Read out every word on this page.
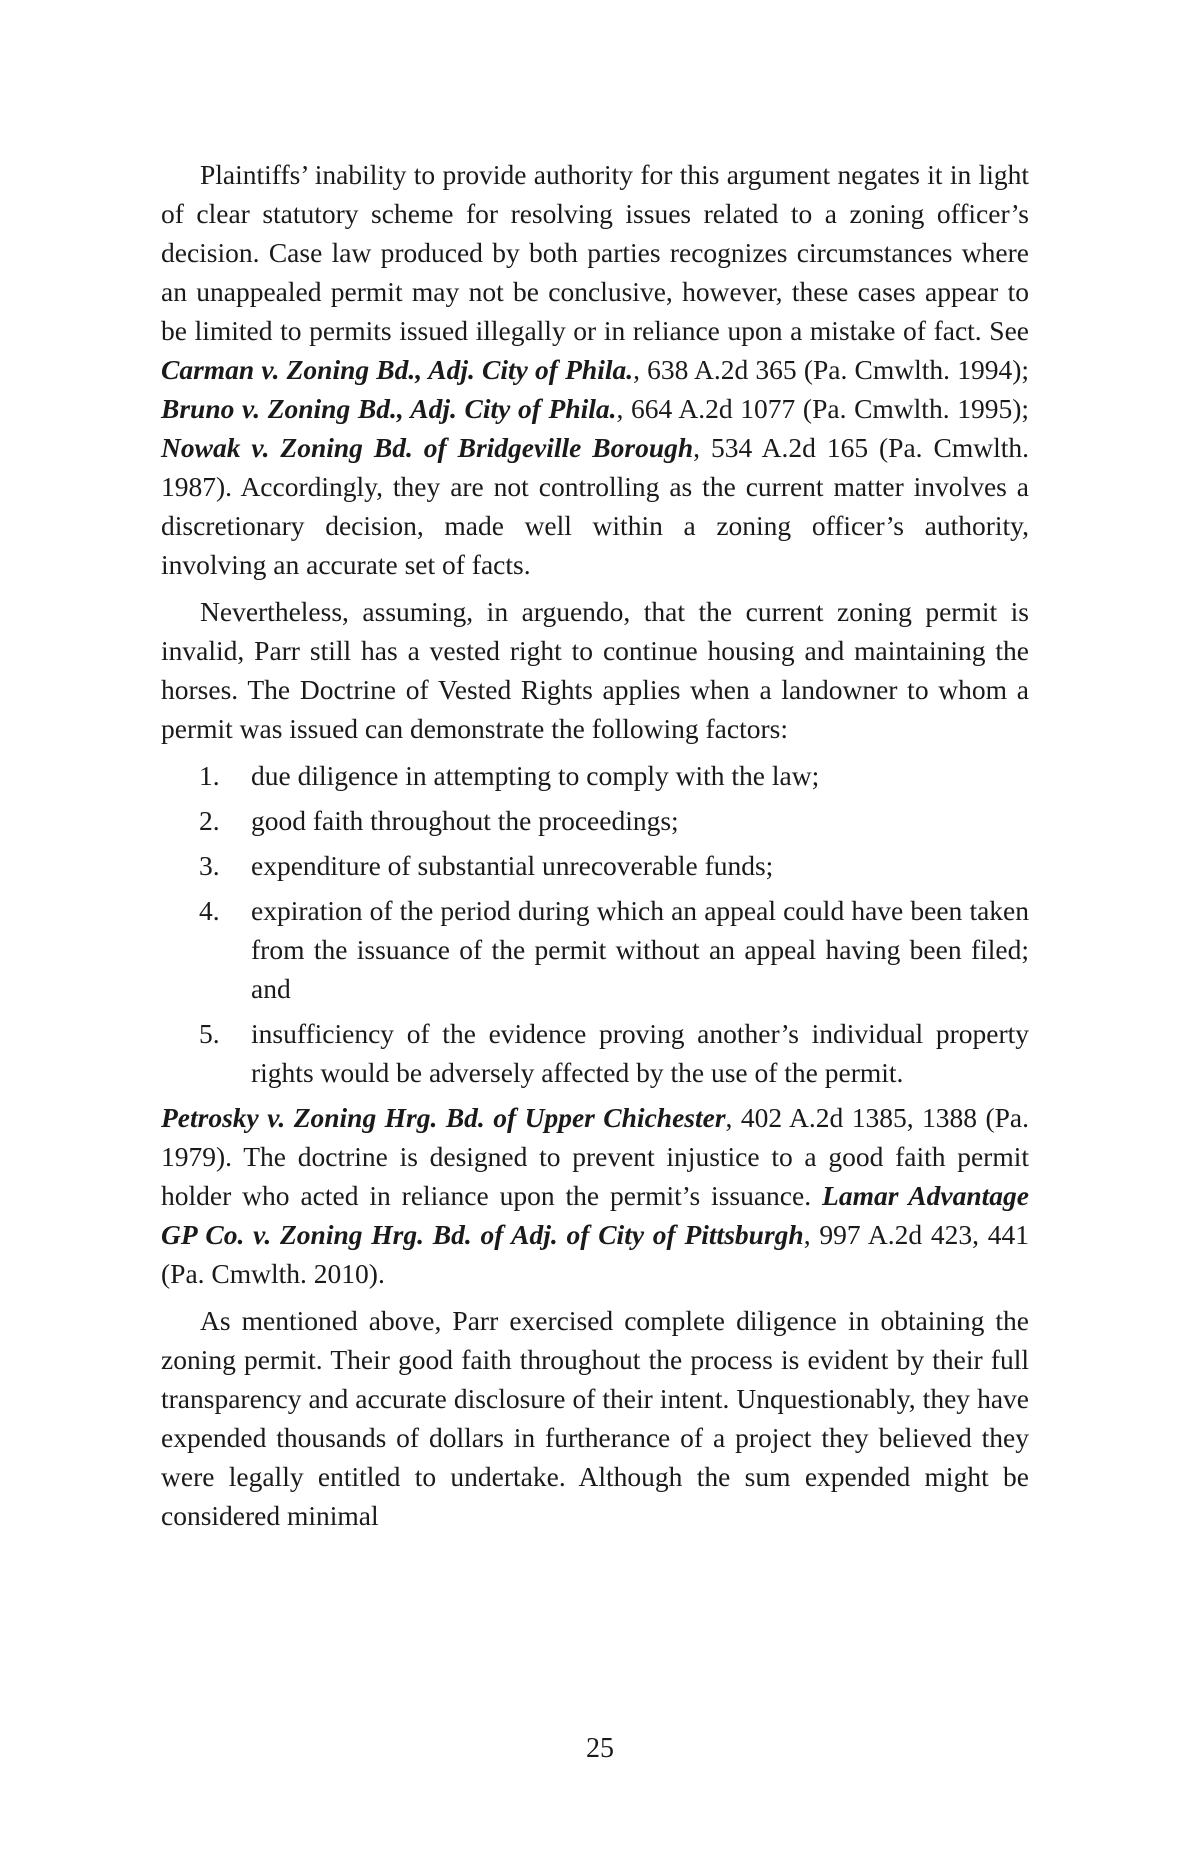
Plaintiffs’ inability to provide authority for this argument negates it in light of clear statutory scheme for resolving issues related to a zoning officer’s decision. Case law produced by both parties recognizes circumstances where an unappealed permit may not be conclusive, however, these cases appear to be limited to permits issued illegally or in reliance upon a mistake of fact. See Carman v. Zoning Bd., Adj. City of Phila., 638 A.2d 365 (Pa. Cmwlth. 1994); Bruno v. Zoning Bd., Adj. City of Phila., 664 A.2d 1077 (Pa. Cmwlth. 1995); Nowak v. Zoning Bd. of Bridgeville Borough, 534 A.2d 165 (Pa. Cmwlth. 1987). Accordingly, they are not controlling as the current matter involves a discretionary decision, made well within a zoning officer’s authority, involving an accurate set of facts.

Nevertheless, assuming, in arguendo, that the current zoning permit is invalid, Parr still has a vested right to continue housing and maintaining the horses. The Doctrine of Vested Rights applies when a landowner to whom a permit was issued can demonstrate the following factors:

1.	due diligence in attempting to comply with the law;
2.	good faith throughout the proceedings;
3.	expenditure of substantial unrecoverable funds;
4.	expiration of the period during which an appeal could have been taken from the issuance of the permit without an appeal having been filed; and
5.	insufficiency of the evidence proving another’s individual property rights would be adversely affected by the use of the permit.

Petrosky v. Zoning Hrg. Bd. of Upper Chichester, 402 A.2d 1385, 1388 (Pa. 1979). The doctrine is designed to prevent injustice to a good faith permit holder who acted in reliance upon the permit’s issuance. Lamar Advantage GP Co. v. Zoning Hrg. Bd. of Adj. of City of Pittsburgh, 997 A.2d 423, 441 (Pa. Cmwlth. 2010).

As mentioned above, Parr exercised complete diligence in obtaining the zoning permit. Their good faith throughout the process is evident by their full transparency and accurate disclosure of their intent. Unquestionably, they have expended thousands of dollars in furtherance of a project they believed they were legally entitled to undertake. Although the sum expended might be considered minimal

25
